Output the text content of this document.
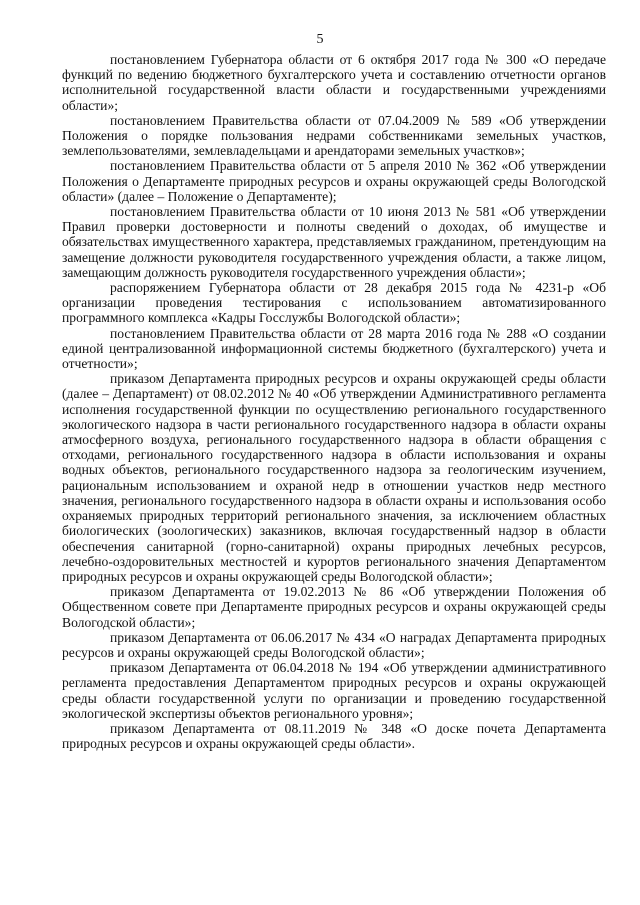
5

постановлением Губернатора области от 6 октября 2017 года № 300 «О передаче функций по ведению бюджетного бухгалтерского учета и составлению отчетности органов исполнительной государственной власти области и государственными учреждениями области»;

постановлением Правительства области от 07.04.2009 № 589 «Об утверждении Положения о порядке пользования недрами собственниками земельных участков, землепользователями, землевладельцами и арендаторами земельных участков»;

постановлением Правительства области от 5 апреля 2010 № 362 «Об утверждении Положения о Департаменте природных ресурсов и охраны окружающей среды Вологодской области» (далее – Положение о Департаменте);

постановлением Правительства области от 10 июня 2013 № 581 «Об утверждении Правил проверки достоверности и полноты сведений о доходах, об имуществе и обязательствах имущественного характера, представляемых гражданином, претендующим на замещение должности руководителя государственного учреждения области, а также лицом, замещающим должность руководителя государственного учреждения области»;

распоряжением Губернатора области от 28 декабря 2015 года № 4231-р «Об организации проведения тестирования с использованием автоматизированного программного комплекса «Кадры Госслужбы Вологодской области»;

постановлением Правительства области от 28 марта 2016 года № 288 «О создании единой централизованной информационной системы бюджетного (бухгалтерского) учета и отчетности»;

приказом Департамента природных ресурсов и охраны окружающей среды области (далее – Департамент) от 08.02.2012 № 40 «Об утверждении Административного регламента исполнения государственной функции по осуществлению регионального государственного экологического надзора в части регионального государственного надзора в области охраны атмосферного воздуха, регионального государственного надзора в области обращения с отходами, регионального государственного надзора в области использования и охраны водных объектов, регионального государственного надзора за геологическим изучением, рациональным использованием и охраной недр в отношении участков недр местного значения, регионального государственного надзора в области охраны и использования особо охраняемых природных территорий регионального значения, за исключением областных биологических (зоологических) заказников, включая государственный надзор в области обеспечения санитарной (горно-санитарной) охраны природных лечебных ресурсов, лечебно-оздоровительных местностей и курортов регионального значения Департаментом природных ресурсов и охраны окружающей среды Вологодской области»;

приказом Департамента от 19.02.2013 № 86 «Об утверждении Положения об Общественном совете при Департаменте природных ресурсов и охраны окружающей среды Вологодской области»;

приказом Департамента от 06.06.2017 № 434 «О наградах Департамента природных ресурсов и охраны окружающей среды Вологодской области»;

приказом Департамента от 06.04.2018 № 194 «Об утверждении административного регламента предоставления Департаментом природных ресурсов и охраны окружающей среды области государственной услуги по организации и проведению государственной экологической экспертизы объектов регионального уровня»;

приказом Департамента от 08.11.2019 № 348 «О доске почета Департамента природных ресурсов и охраны окружающей среды области».
